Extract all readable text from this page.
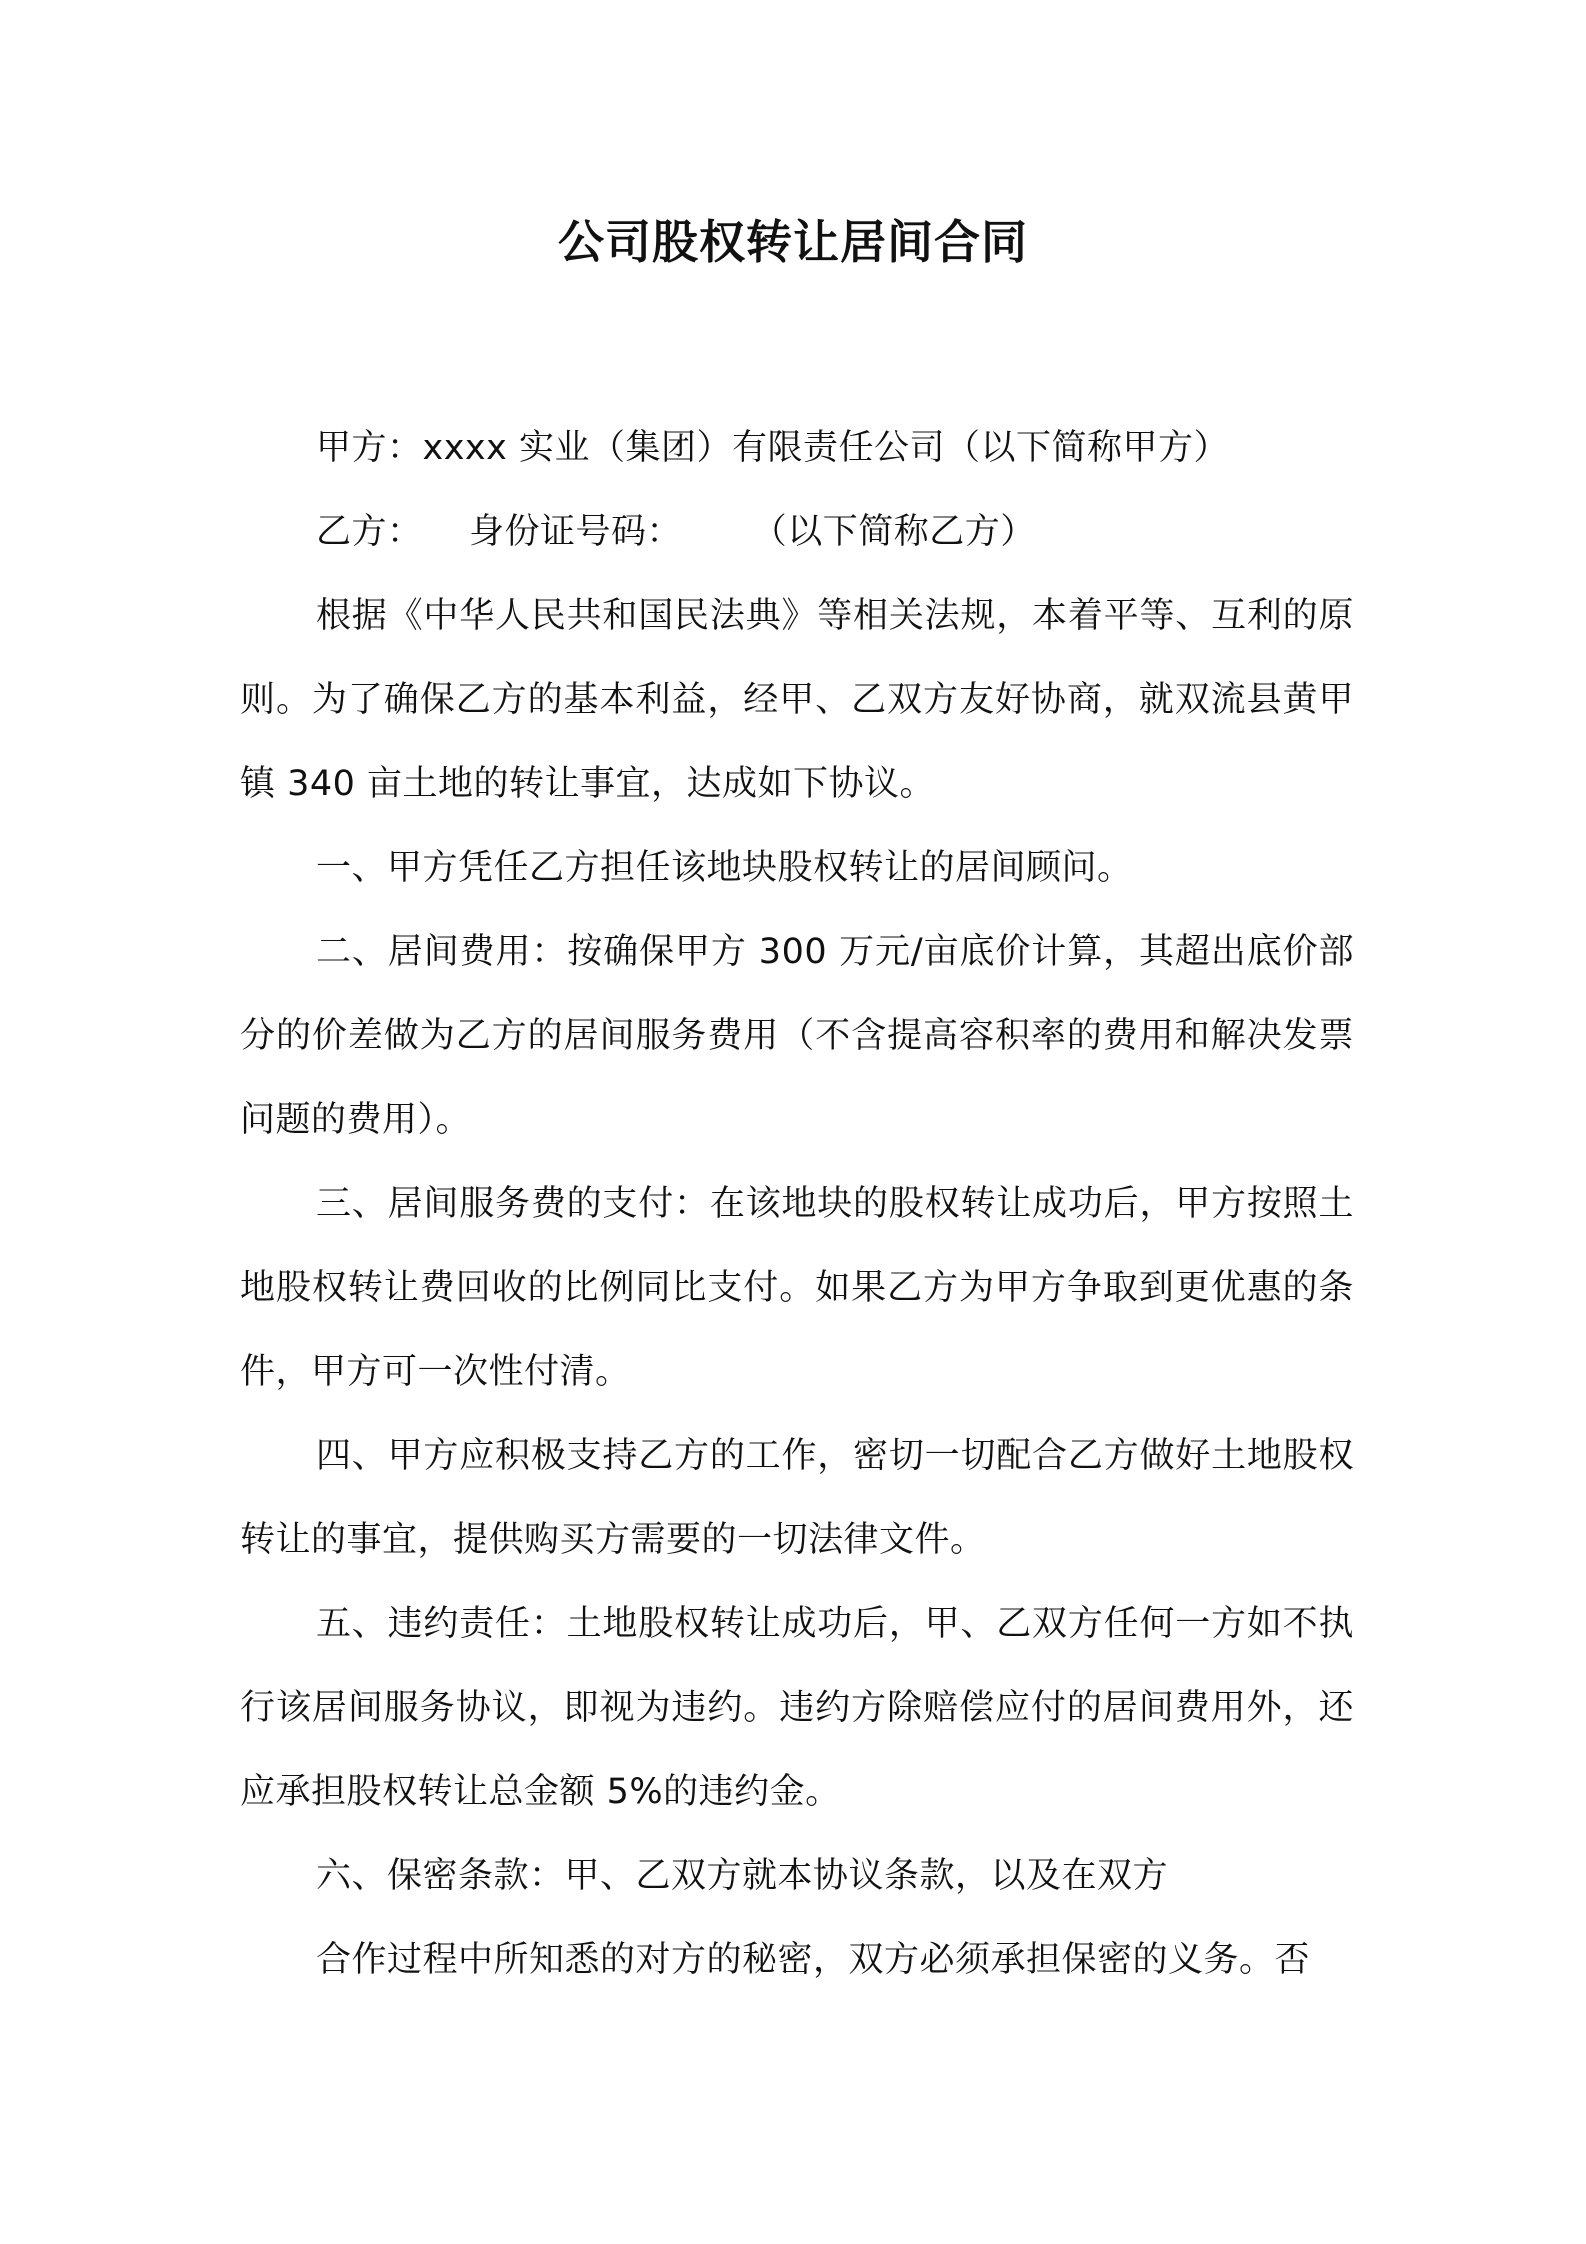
公司股权转让居间合同

甲方：xxxx 实业（集团）有限责任公司（以下简称甲方）

乙方：    身份证号码：      （以下简称乙方）

根据《中华人民共和国民法典》等相关法规，本着平等、互利的原则。为了确保乙方的基本利益，经甲、乙双方友好协商，就双流县黄甲镇 340 亩土地的转让事宜，达成如下协议。

一、甲方凭任乙方担任该地块股权转让的居间顾问。

二、居间费用：按确保甲方 300 万元/亩底价计算，其超出底价部分的价差做为乙方的居间服务费用（不含提高容积率的费用和解决发票问题的费用）。

三、居间服务费的支付：在该地块的股权转让成功后，甲方按照土地股权转让费回收的比例同比支付。如果乙方为甲方争取到更优惠的条件，甲方可一次性付清。

四、甲方应积极支持乙方的工作，密切一切配合乙方做好土地股权转让的事宜，提供购买方需要的一切法律文件。

五、违约责任：土地股权转让成功后，甲、乙双方任何一方如不执行该居间服务协议，即视为违约。违约方除赔偿应付的居间费用外，还应承担股权转让总金额 5%的违约金。

六、保密条款：甲、乙双方就本协议条款，以及在双方

合作过程中所知悉的对方的秘密，双方必须承担保密的义务。否
